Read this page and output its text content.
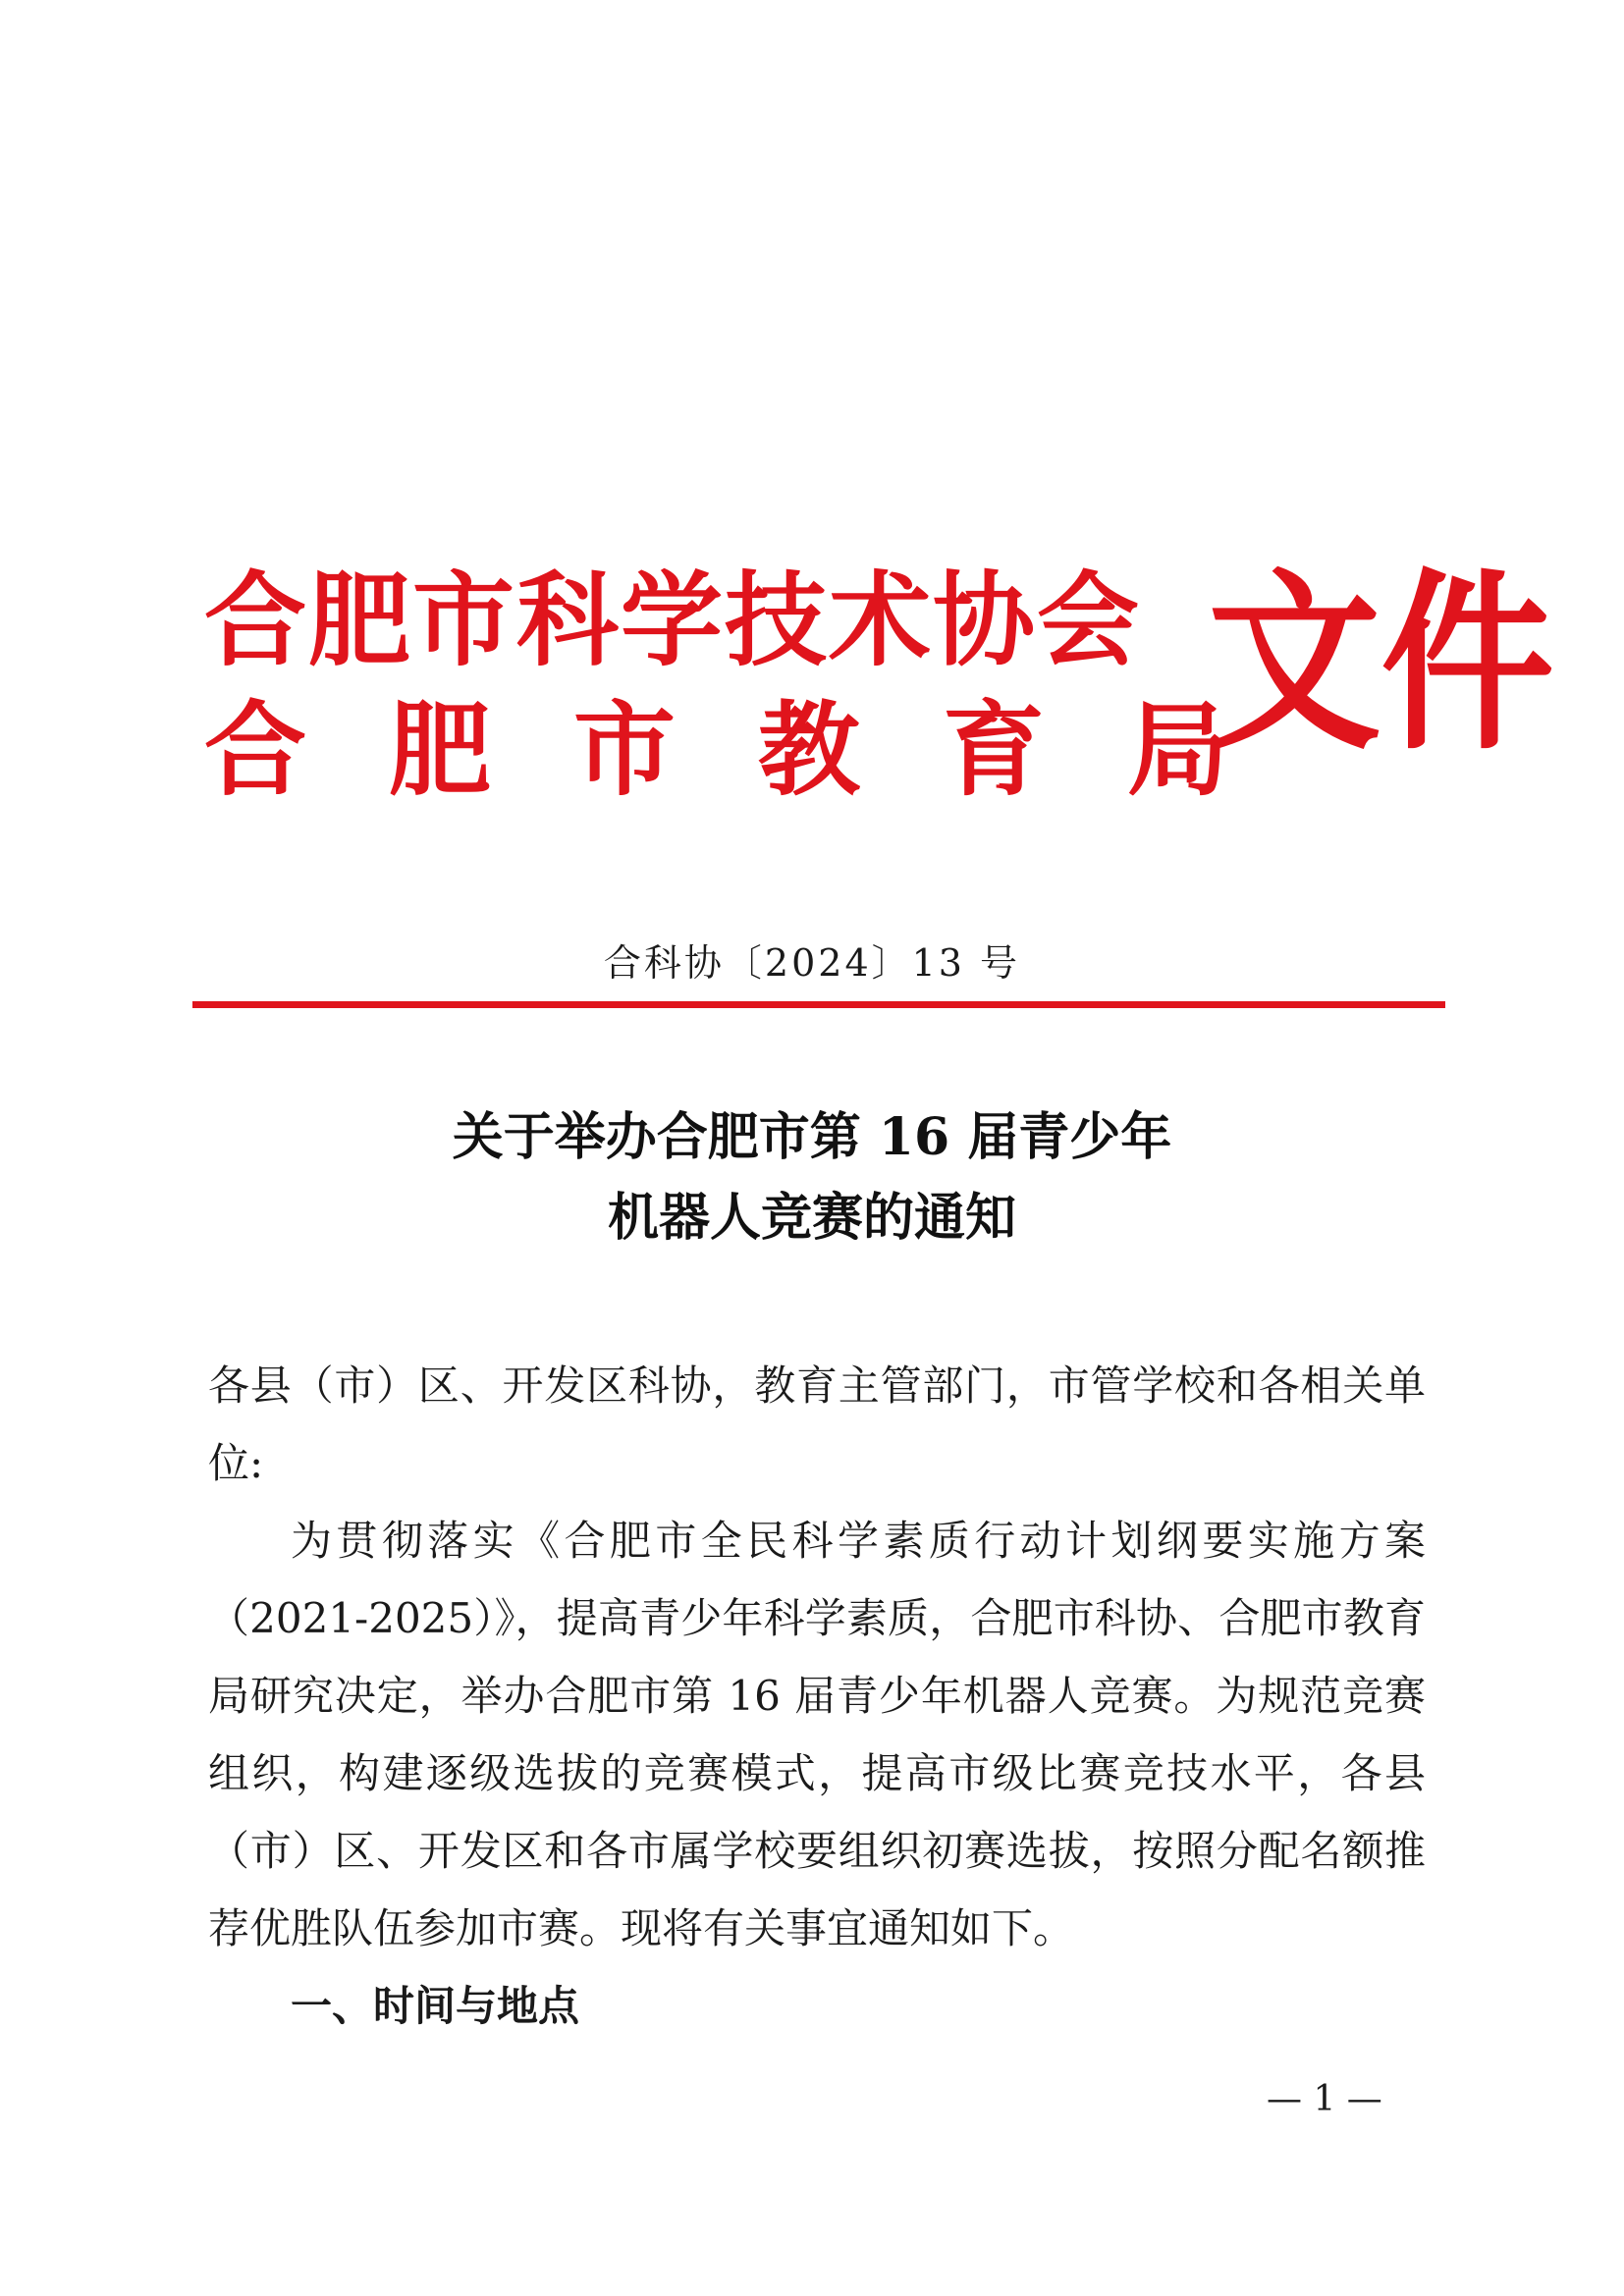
合肥市科学技术协会
合肥市教育局
文件
合科协〔2024〕13 号
关于举办合肥市第 16 届青少年
机器人竞赛的通知

各县（市）区、开发区科协，教育主管部门，市管学校和各相关单位:

为贯彻落实《合肥市全民科学素质行动计划纲要实施方案（2021-2025）》，提高青少年科学素质，合肥市科协、合肥市教育局研究决定，举办合肥市第 16 届青少年机器人竞赛。为规范竞赛组织，构建逐级选拔的竞赛模式，提高市级比赛竞技水平，各县（市）区、开发区和各市属学校要组织初赛选拔，按照分配名额推荐优胜队伍参加市赛。现将有关事宜通知如下。

一、时间与地点

— 1 —
